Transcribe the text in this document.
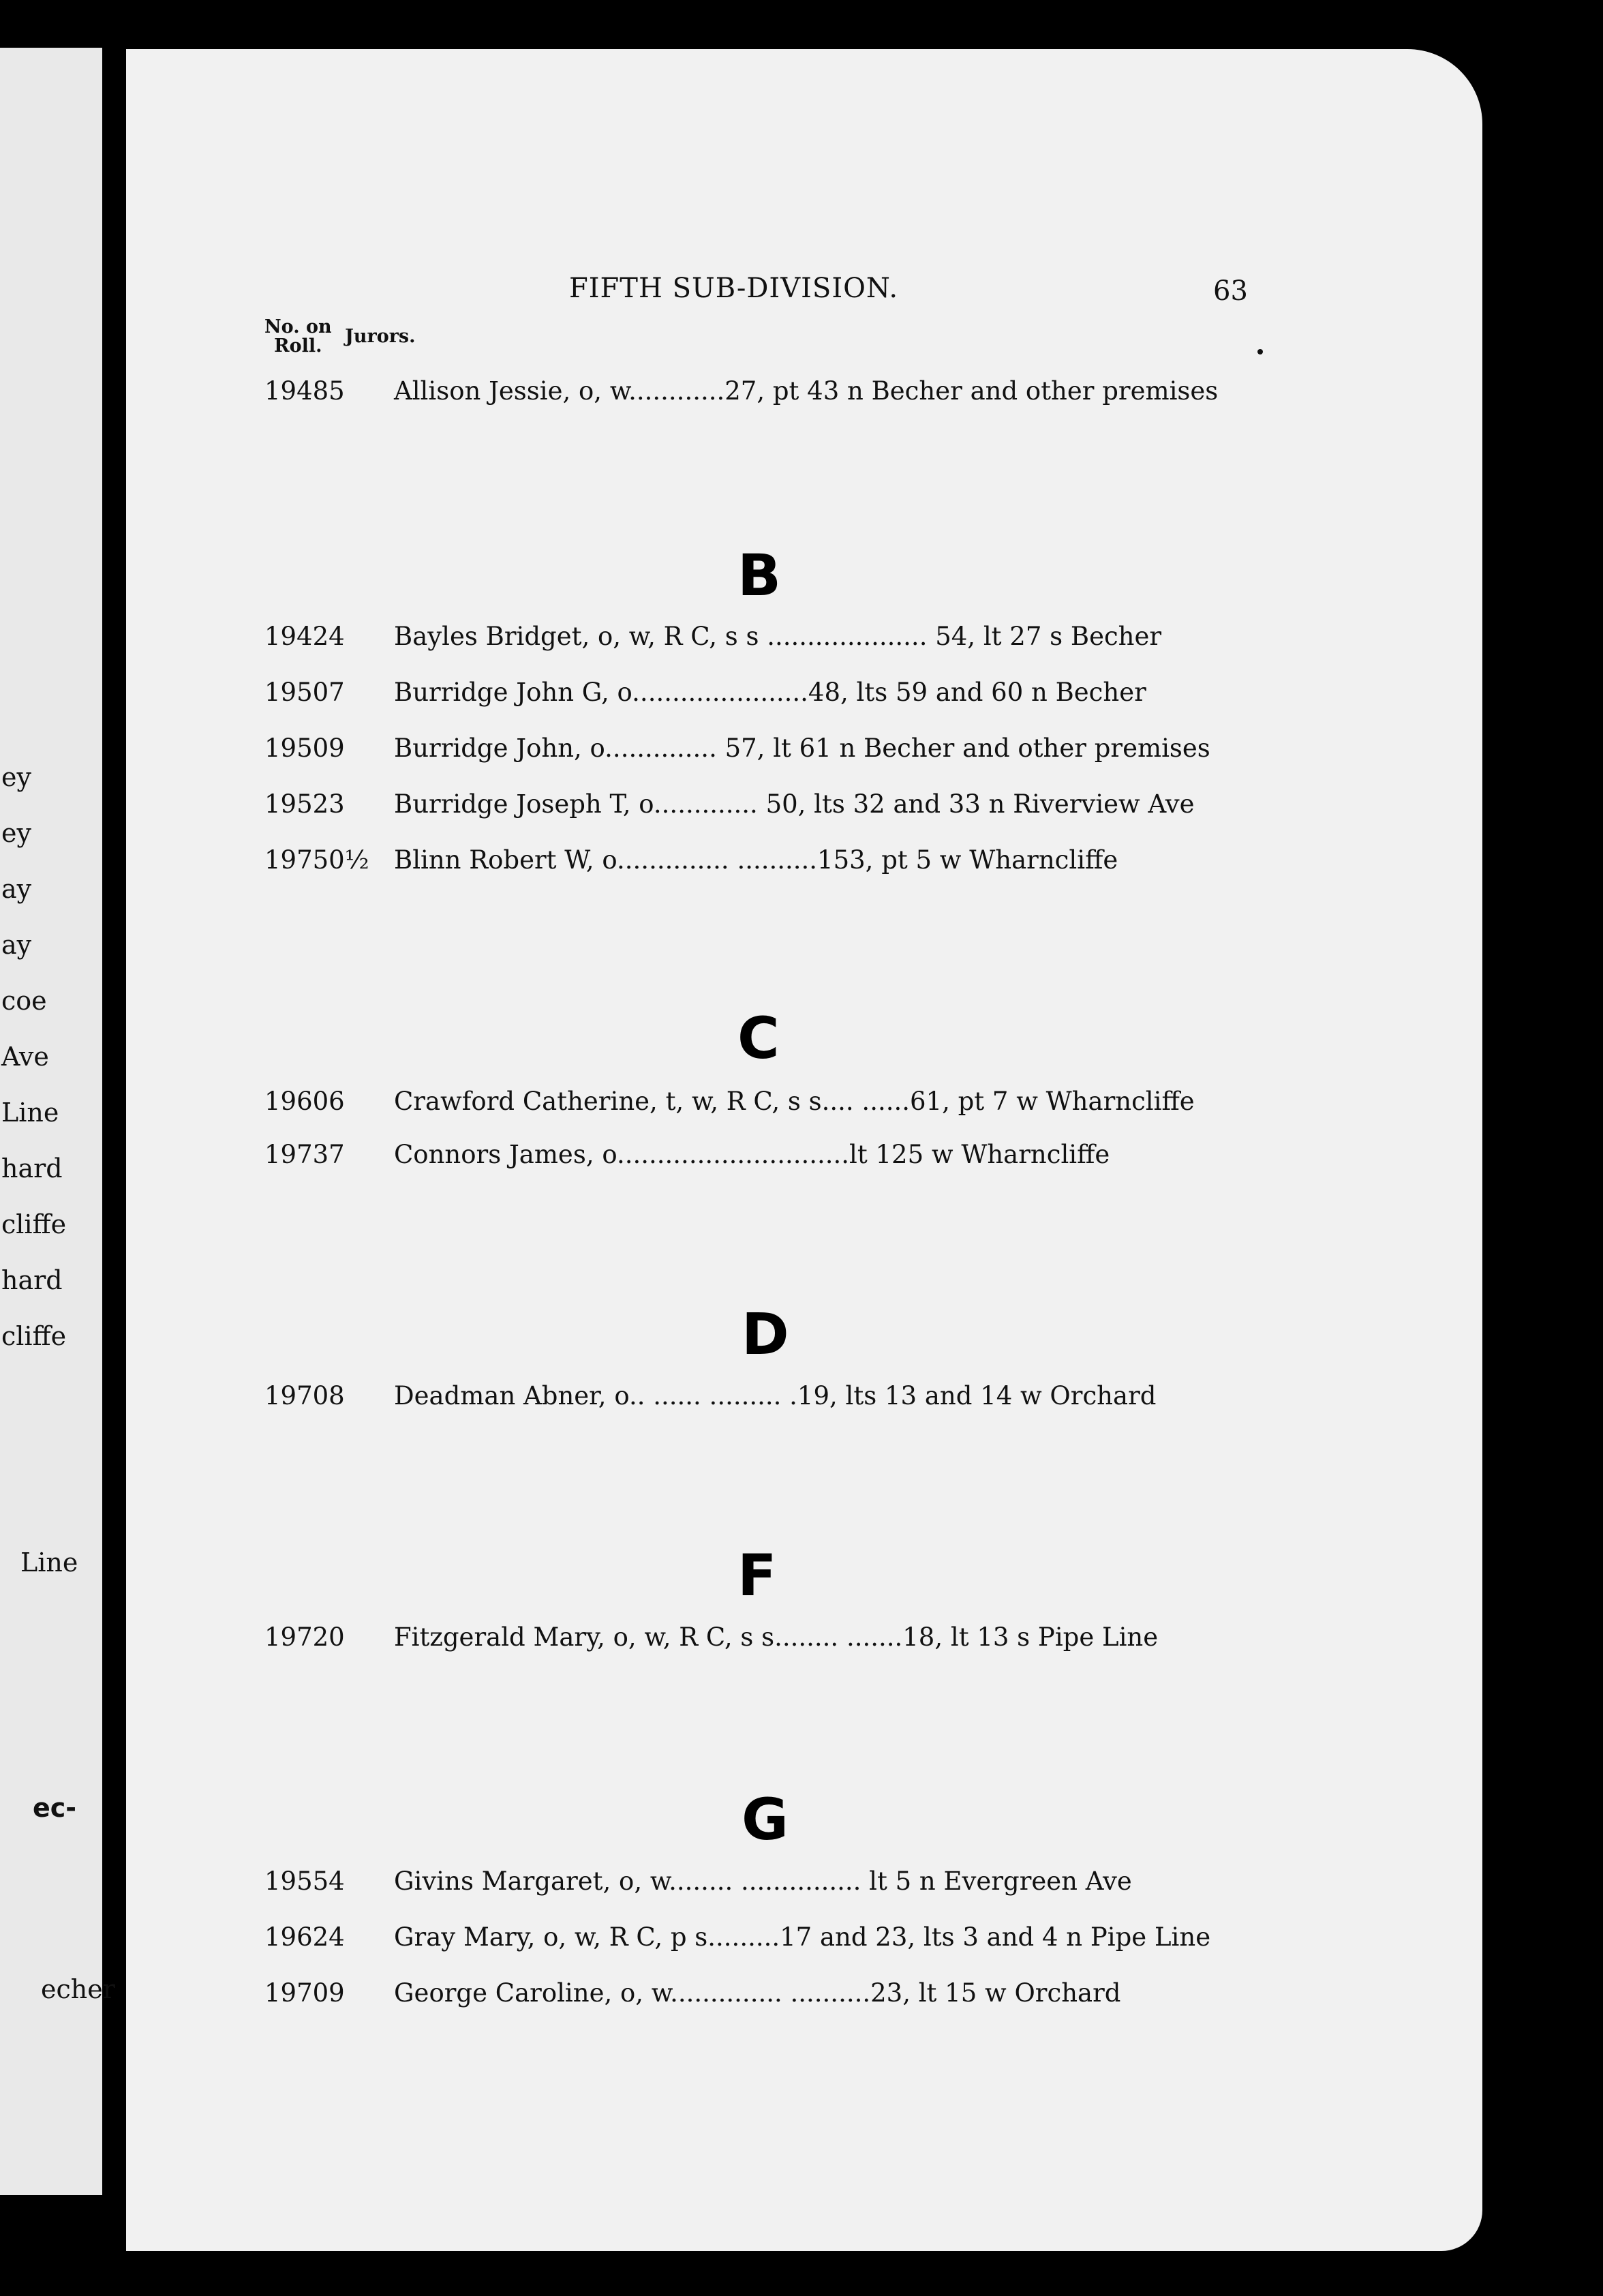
ey
ey
ay
ay
coe
Ave
Line
hard
cliffe
hard
cliffe
Line
ec-
echer
FIFTH SUB-DIVISION.	63
No. on
Roll. Jurors.
19485 Allison Jessie, o, w............27, pt 43 n Becher and other premises
B
19424 Bayles Bridget, o, w, R C, s s .................... 54, lt 27 s Becher
19507 Burridge John G, o......................48, lts 59 and 60 n Becher
19509 Burridge John, o.............. 57, lt 61 n Becher and other premises
19523 Burridge Joseph T, o............. 50, lts 32 and 33 n Riverview Ave
19750½ Blinn Robert W, o.............. ..........153, pt 5 w Wharncliffe
C
19606 Crawford Catherine, t, w, R C, s s.... ......61, pt 7 w Wharncliffe
19737 Connors James, o.............................lt 125 w Wharncliffe
D
19708 Deadman Abner, o.. ...... ......... .19, lts 13 and 14 w Orchard
F
19720 Fitzgerald Mary, o, w, R C, s s........ .......18, lt 13 s Pipe Line
G
19554 Givins Margaret, o, w........ ............... lt 5 n Evergreen Ave
19624 Gray Mary, o, w, R C, p s.........17 and 23, lts 3 and 4 n Pipe Line
19709 George Caroline, o, w.............. ..........23, lt 15 w Orchard
